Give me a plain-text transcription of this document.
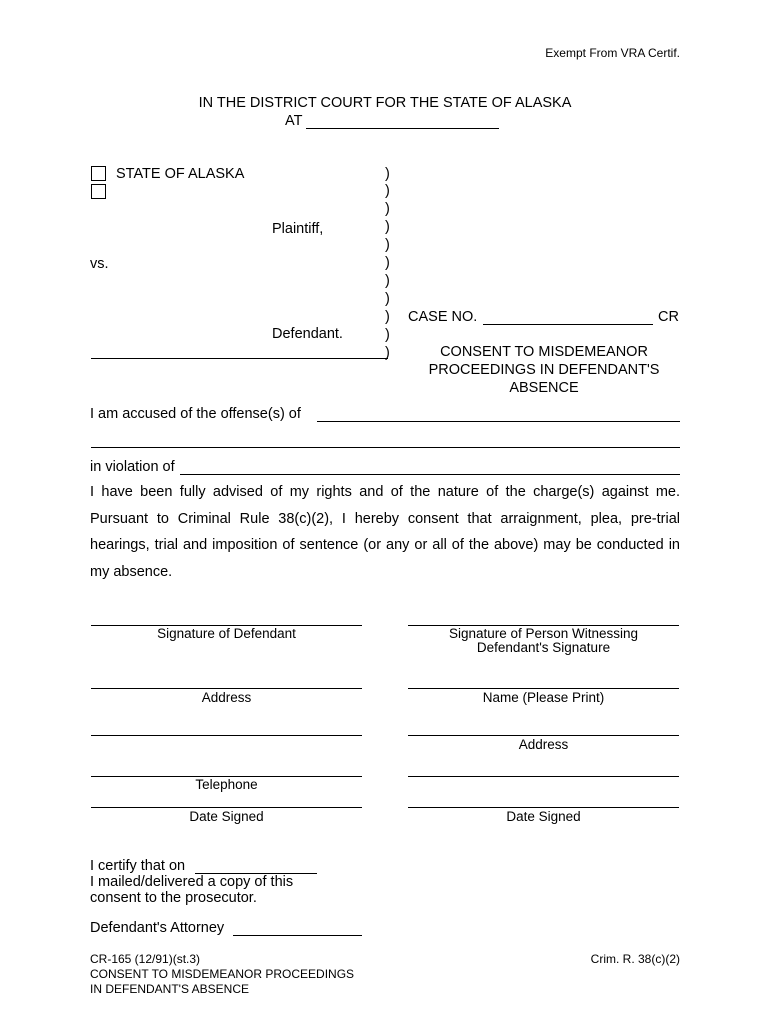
Exempt From VRA Certif.
IN THE DISTRICT COURT FOR THE STATE OF ALASKA
AT
STATE OF ALASKA
Plaintiff,
vs.
Defendant.
)
)
)
)
)
)
)
)
)
)
)
CASE NO.	CR
CONSENT TO MISDEMEANOR
PROCEEDINGS IN DEFENDANT'S
ABSENCE
I am accused of the offense(s) of
in violation of
I have been fully advised of my rights and of the nature of the charge(s) against me. Pursuant to Criminal Rule 38(c)(2), I hereby consent that arraignment, plea, pre-trial hearings, trial and imposition of sentence (or any or all of the above) may be conducted in my absence.
Signature of Defendant
Address
Telephone
Date Signed
Signature of Person Witnessing
Defendant's Signature
Name (Please Print)
Address
Date Signed
I certify that on
I mailed/delivered a copy of this
consent to the prosecutor.
Defendant's Attorney
CR-165 (12/91)(st.3)
CONSENT TO MISDEMEANOR PROCEEDINGS
IN DEFENDANT'S ABSENCE
Crim. R. 38(c)(2)
